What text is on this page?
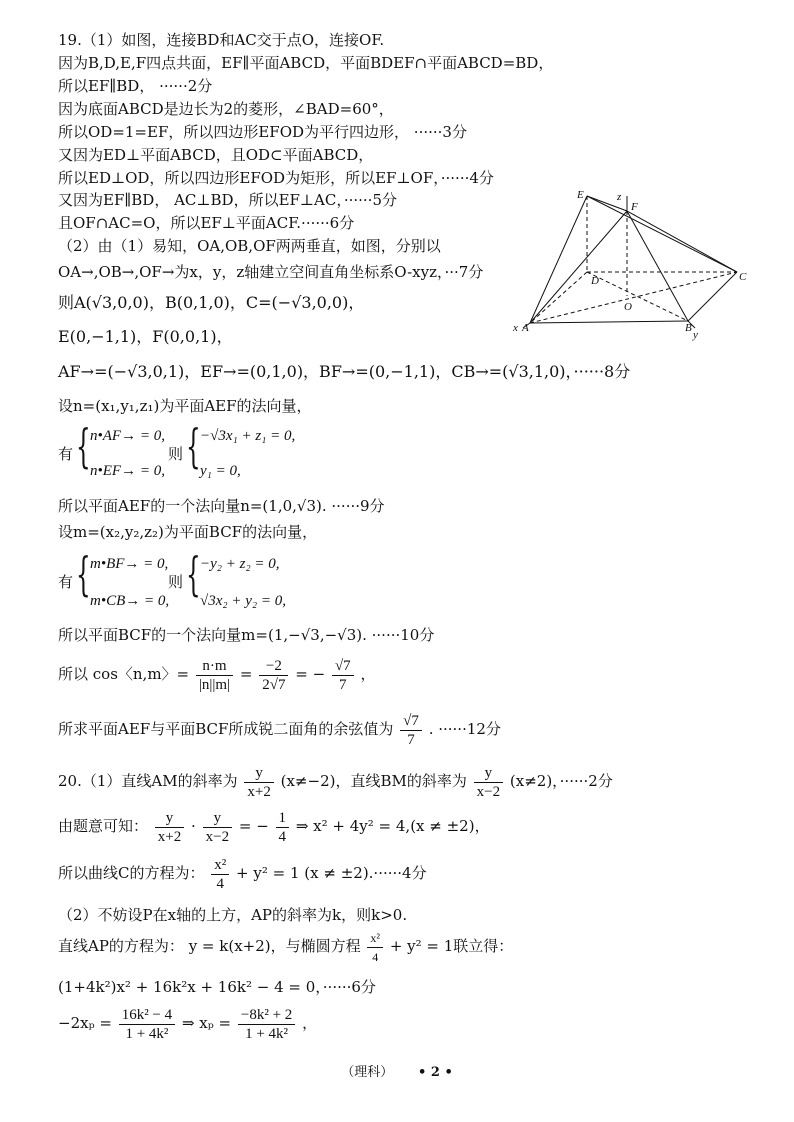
19.（1）如图，连接BD和AC交于点O，连接OF.
因为B,D,E,F四点共面，EF∥平面ABCD，平面BDEF∩平面ABCD=BD，
所以EF∥BD， ······2分
因为底面ABCD是边长为2的菱形，∠BAD=60°，
所以OD=1=EF，所以四边形EFOD为平行四边形， ······3分
又因为ED⊥平面ABCD，且OD⊂平面ABCD，
所以ED⊥OD，所以四边形EFOD为矩形，所以EF⊥OF，······4分
又因为EF∥BD， AC⊥BD，所以EF⊥AC，······5分
且OF∩AC=O，所以EF⊥平面ACF.······6分
（2）由（1）易知，OA,OB,OF两两垂直，如图，分别以
OA→,OB→,OF→为x，y，z轴建立空间直角坐标系O-xyz，···7分
则A(√3,0,0)，B(0,1,0)，C=(−√3,0,0)，
E(0,−1,1)，F(0,0,1)，
AF→=(−√3,0,1)，EF→=(0,1,0)，BF→=(0,−1,1)，CB→=(√3,1,0)，······8分
设n=(x₁,y₁,z₁)为平面AEF的法向量，
有 { n•AF→ = 0,
n•EF→ = 0,
则 { −√3x₁ + z₁ = 0,
y₁ = 0,
所以平面AEF的一个法向量n=(1,0,√3). ······9分
设m=(x₂,y₂,z₂)为平面BCF的法向量，
有 { m•BF→ = 0,
m•CB→ = 0,
则 { −y₂ + z₂ = 0,
√3x₂ + y₂ = 0,
所以平面BCF的一个法向量m=(1,−√3,−√3). ······10分
所以 cos〈n,m〉= $\frac{n\cdot m}{|n||m|} = \frac{-2}{2√7}$ = − $\frac{√7}{7}$ ，
所求平面AEF与平面BCF所成锐二面角的余弦值为 $\frac{√7}{7}$ . ······12分
20.（1）直线AM的斜率为 $\frac{y}{x+2} (x\ne-2)$，直线BM的斜率为 $\frac{y}{x-2} (x\ne 2)$，······2分
由题意可知： $\frac{y}{x+2} \cdot \frac{y}{x-2}$ = − $\frac{1}{4}$ ⇒ x² + 4y² = 4,(x ≠ ±2)，
所以曲线C的方程为： $\frac{\text{x²}}{4} + y^2 = 1$ (x ≠ ±2).······4分
（2）不妨设P在x轴的上方，AP的斜率为k，则k>0.
直线AP的方程为： y = k(x+2)，与椭圆方程 $\frac{\text{x²}}{4} + y^2 = 1$联立得：
(1+4k²)x² + 16k²x + 16k² − 4 = 0，······6分
$-2x_p = \frac{\text{16k² − 4}}{\text{1 + 4k²}}$ ⇒ $x_p = \frac{\text{−8k² + 2}}{\text{1 + 4k²}}$ ，
E	z
F
D
O
C
x A	B
y
（理科） • 2 •
